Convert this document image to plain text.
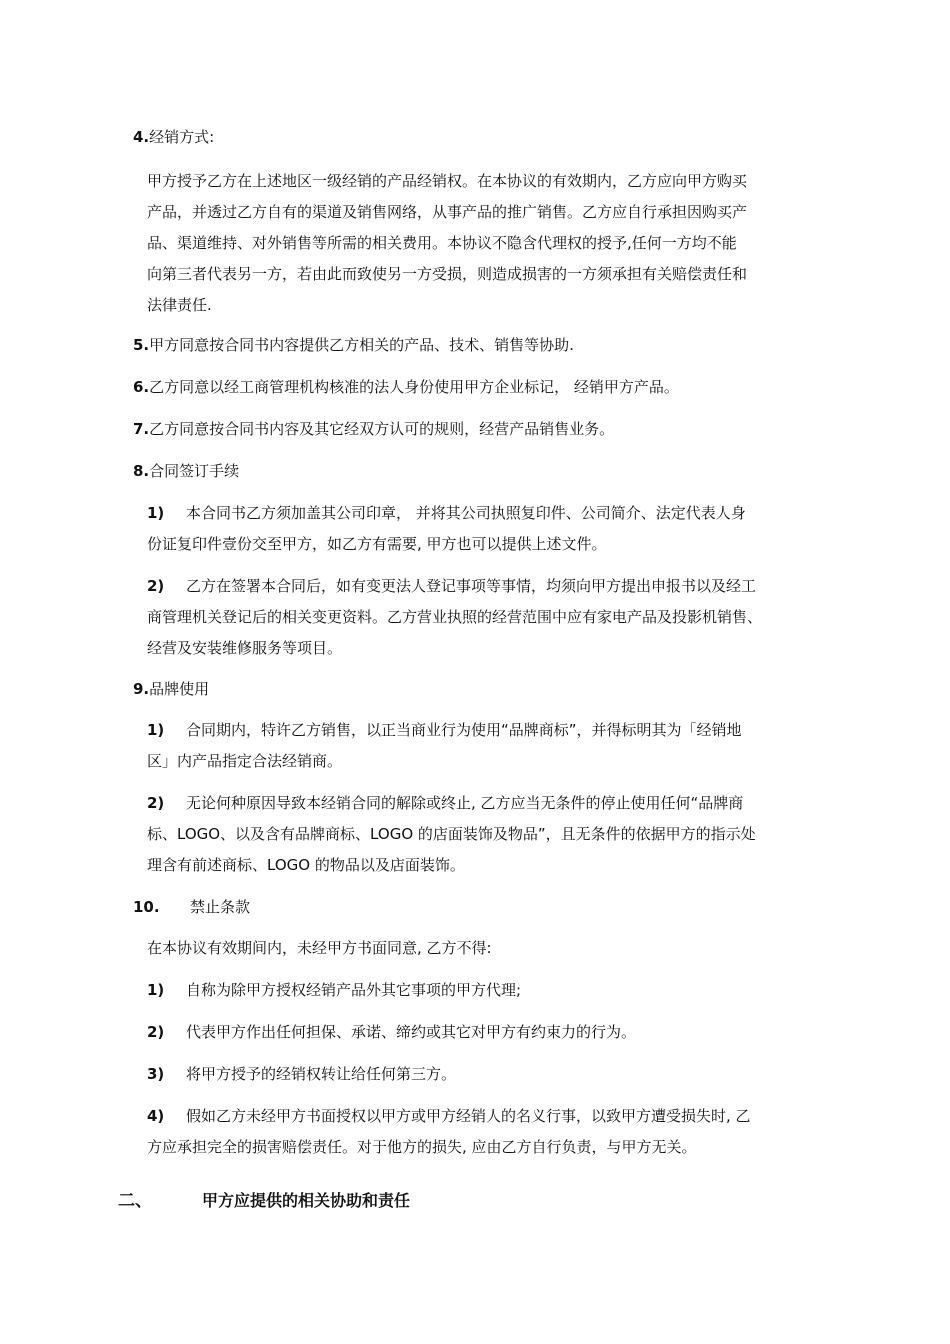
4.经销方式:
甲方授予乙方在上述地区一级经销的产品经销权。在本协议的有效期内，乙方应向甲方购买
产品，并透过乙方自有的渠道及销售网络，从事产品的推广销售。乙方应自行承担因购买产
品、渠道维持、对外销售等所需的相关费用。本协议不隐含代理权的授予,任何一方均不能
向第三者代表另一方，若由此而致使另一方受损，则造成损害的一方须承担有关赔偿责任和
法律责任.
5.甲方同意按合同书内容提供乙方相关的产品、技术、销售等协助.
6.乙方同意以经工商管理机构核准的法人身份使用甲方企业标记， 经销甲方产品。
7.乙方同意按合同书内容及其它经双方认可的规则，经营产品销售业务。
8.合同签订手续
1) 本合同书乙方须加盖其公司印章， 并将其公司执照复印件、公司简介、法定代表人身
份证复印件壹份交至甲方，如乙方有需要, 甲方也可以提供上述文件。
2) 乙方在签署本合同后，如有变更法人登记事项等事情，均须向甲方提出申报书以及经工
商管理机关登记后的相关变更资料。乙方营业执照的经营范围中应有家电产品及投影机销售、
经营及安装维修服务等项目。
9.品牌使用
1) 合同期内，特许乙方销售，以正当商业行为使用“品牌商标”，并得标明其为「经销地
区」内产品指定合法经销商。
2) 无论何种原因导致本经销合同的解除或终止, 乙方应当无条件的停止使用任何“品牌商
标、LOGO、以及含有品牌商标、LOGO 的店面装饰及物品”，且无条件的依据甲方的指示处
理含有前述商标、LOGO 的物品以及店面装饰。
10. 禁止条款
在本协议有效期间内，未经甲方书面同意, 乙方不得:
1) 自称为除甲方授权经销产品外其它事项的甲方代理;
2) 代表甲方作出任何担保、承诺、缔约或其它对甲方有约束力的行为。
3) 将甲方授予的经销权转让给任何第三方。
4) 假如乙方未经甲方书面授权以甲方或甲方经销人的名义行事，以致甲方遭受损失时, 乙
方应承担完全的损害赔偿责任。对于他方的损失, 应由乙方自行负责，与甲方无关。
二、	甲方应提供的相关协助和责任
